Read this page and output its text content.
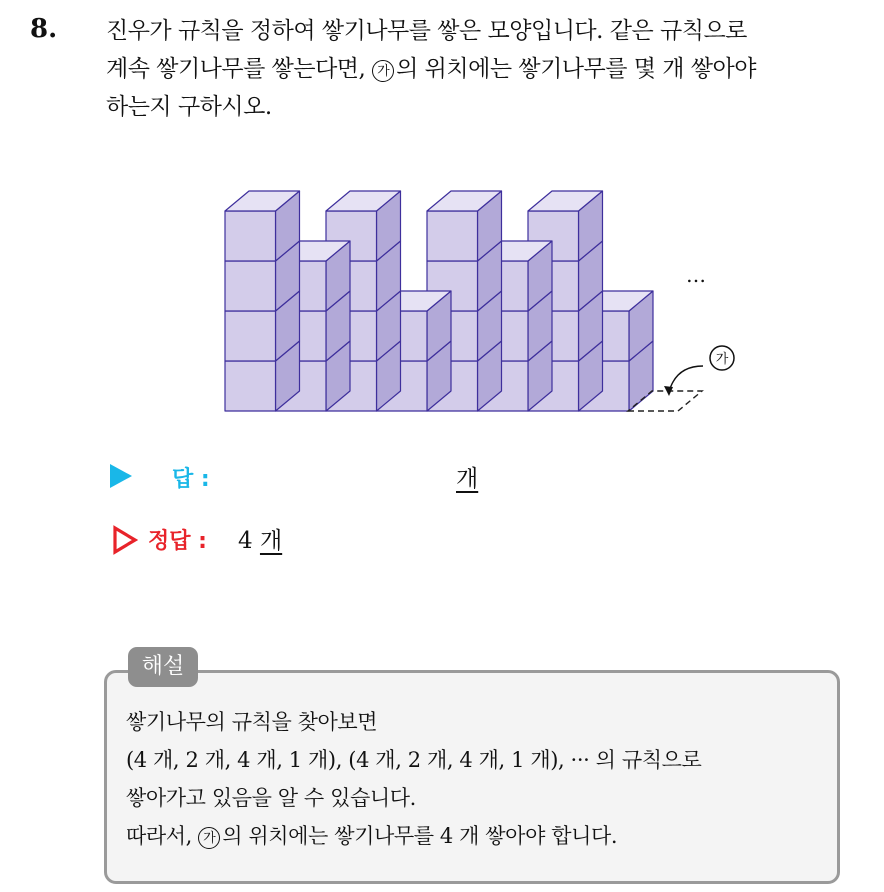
8. 진우가 규칙을 정하여 쌓기나무를 쌓은 모양입니다. 같은 규칙으로
계속 쌓기나무를 쌓는다면, 가 의 위치에는 쌓기나무를 몇 개 쌓아야
하는지 구하시오.
…
가
답 :	개
정답 : 4 개
해설
쌓기나무의 규칙을 찾아보면
(4 개, 2 개, 4 개, 1 개), (4 개, 2 개, 4 개, 1 개), ··· 의 규칙으로
쌓아가고 있음을 알 수 있습니다.
따라서, 가 의 위치에는 쌓기나무를 4 개 쌓아야 합니다.
